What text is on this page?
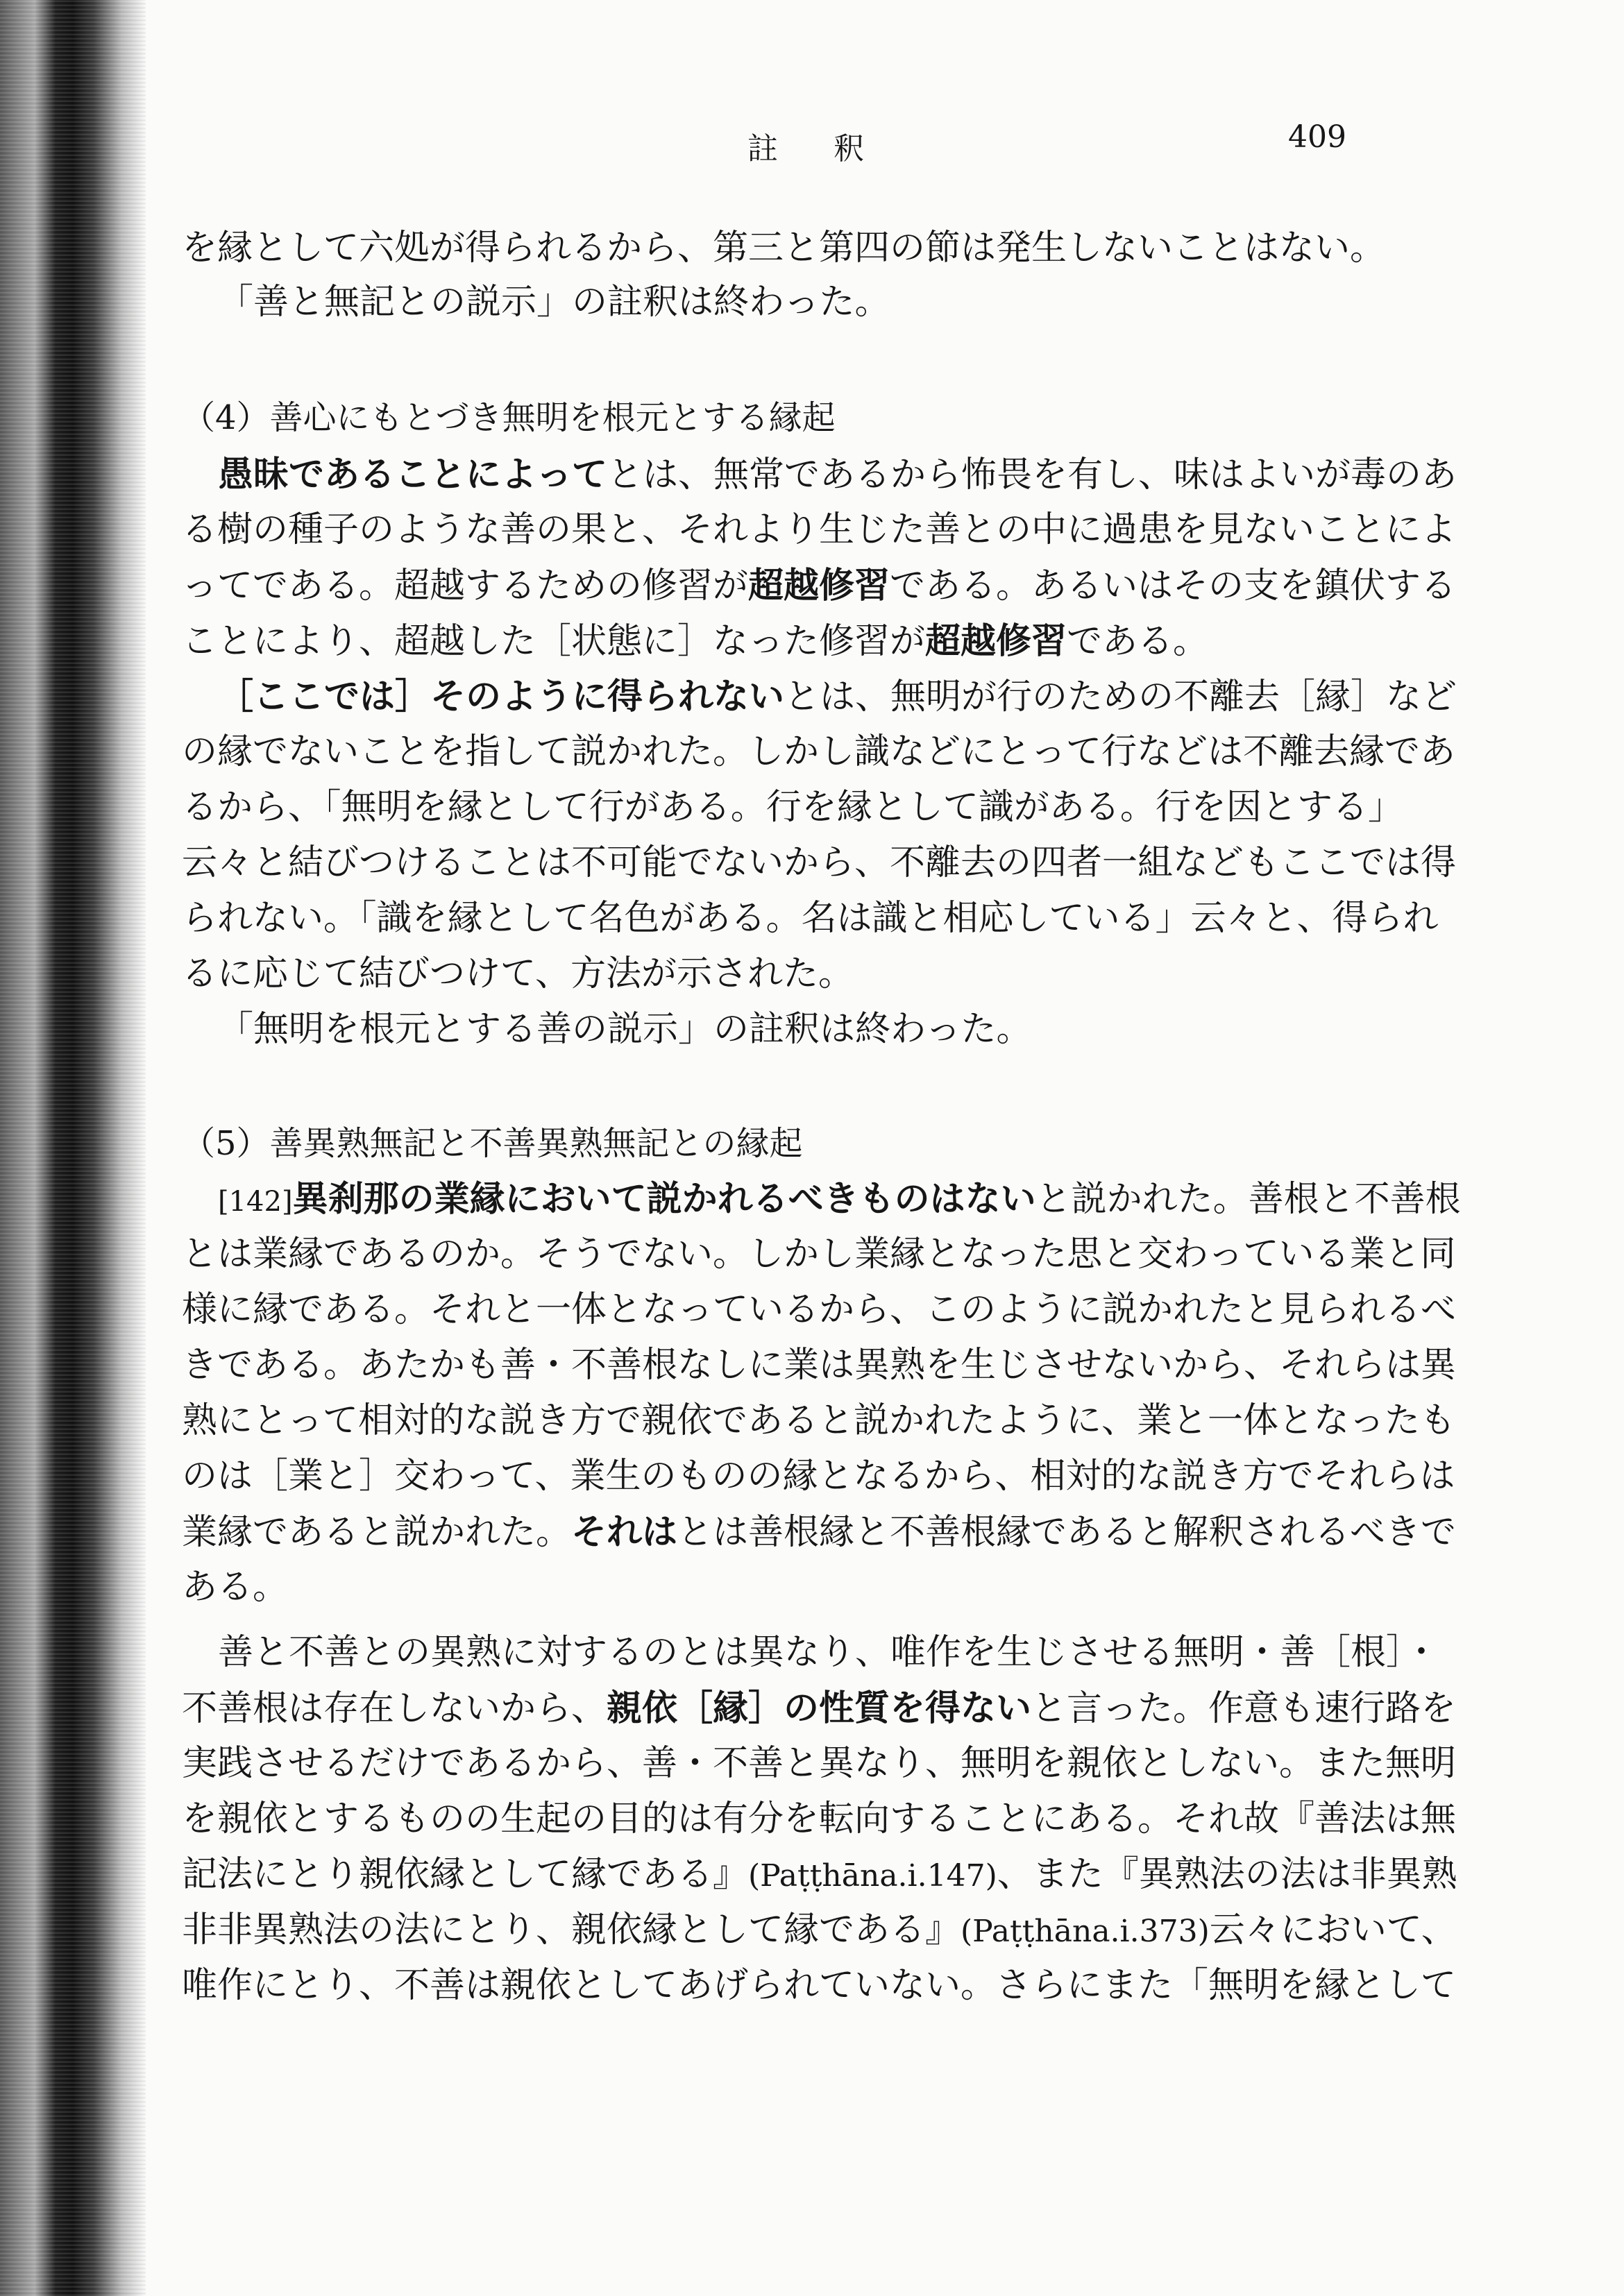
註　釈	409

を縁として六処が得られるから、第三と第四の節は発生しないことはない。

「善と無記との説示」の註釈は終わった。

（4）善心にもとづき無明を根元とする縁起

愚昧であることによってとは、無常であるから怖畏を有し、味はよいが毒のあ

る樹の種子のような善の果と、それより生じた善との中に過患を見ないことによ

ってである。超越するための修習が超越修習である。あるいはその支を鎮伏する

ことにより、超越した［状態に］なった修習が超越修習である。

［ここでは］そのように得られないとは、無明が行のための不離去［縁］など

の縁でないことを指して説かれた。しかし識などにとって行などは不離去縁であ

るから、「無明を縁として行がある。行を縁として識がある。行を因とする」

云々と結びつけることは不可能でないから、不離去の四者一組などもここでは得

られない。「識を縁として名色がある。名は識と相応している」云々と、得られ

るに応じて結びつけて、方法が示された。

「無明を根元とする善の説示」の註釈は終わった。

（5）善異熟無記と不善異熟無記との縁起

[142]異刹那の業縁において説かれるべきものはないと説かれた。善根と不善根

とは業縁であるのか。そうでない。しかし業縁となった思と交わっている業と同

様に縁である。それと一体となっているから、このように説かれたと見られるべ

きである。あたかも善・不善根なしに業は異熟を生じさせないから、それらは異

熟にとって相対的な説き方で親依であると説かれたように、業と一体となったも

のは［業と］交わって、業生のものの縁となるから、相対的な説き方でそれらは

業縁であると説かれた。それはとは善根縁と不善根縁であると解釈されるべきで

ある。

善と不善との異熟に対するのとは異なり、唯作を生じさせる無明・善［根］・

不善根は存在しないから、親依［縁］の性質を得ないと言った。作意も速行路を

実践させるだけであるから、善・不善と異なり、無明を親依としない。また無明

を親依とするものの生起の目的は有分を転向することにある。それ故『善法は無

記法にとり親依縁として縁である』(Paṭṭhāna.i.147)、また『異熟法の法は非異熟

非非異熟法の法にとり、親依縁として縁である』(Paṭṭhāna.i.373)云々において、

唯作にとり、不善は親依としてあげられていない。さらにまた「無明を縁として
